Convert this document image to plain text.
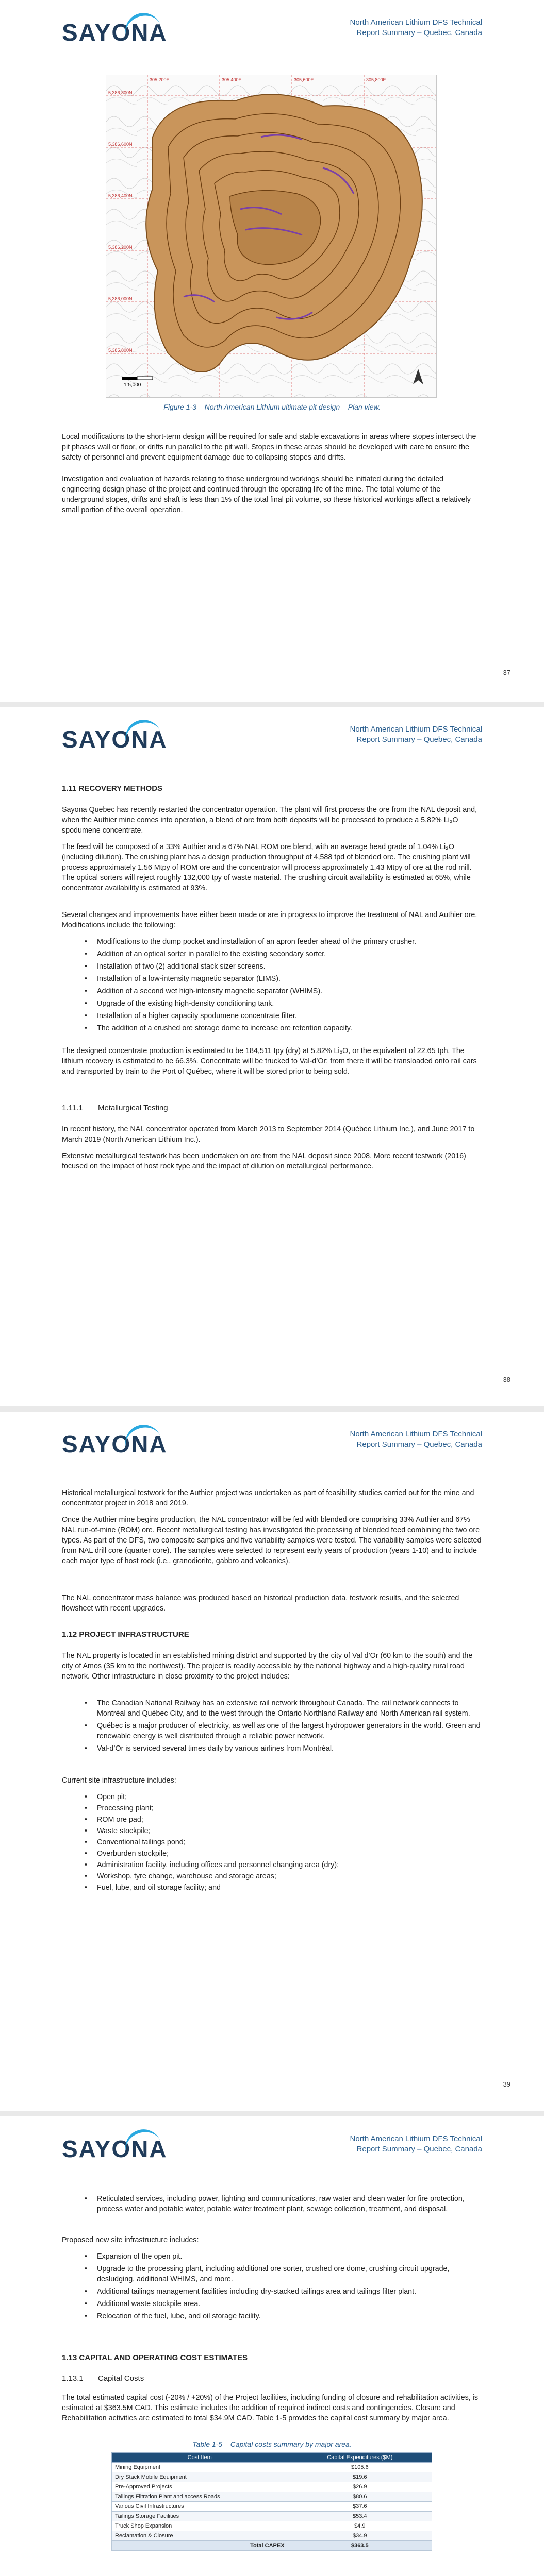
SAYONA	North American Lithium DFS Technical
Report Summary – Quebec, Canada
5,386,800N
5,386,600N
5,386,400N
5,386,200N
5,386,000N
5,385,800N
305,200E	305,400E	305,600E	305,800E
1:5,000
Figure 1-3 – North American Lithium ultimate pit design – Plan view.

Local modifications to the short-term design will be required for safe and stable excavations in areas where stopes intersect the pit phases wall or floor, or drifts run parallel to the pit wall. Stopes in these areas should be developed with care to ensure the safety of personnel and prevent equipment damage due to collapsing stopes and drifts.

Investigation and evaluation of hazards relating to those underground workings should be initiated during the detailed engineering design phase of the project and continued through the operating life of the mine. The total volume of the underground stopes, drifts and shaft is less than 1% of the total final pit volume, so these historical workings affect a relatively small portion of the overall operation.

37
SAYONA	North American Lithium DFS Technical
Report Summary – Quebec, Canada
1.11 RECOVERY METHODS

Sayona Quebec has recently restarted the concentrator operation. The plant will first process the ore from the NAL deposit and, when the Authier mine comes into operation, a blend of ore from both deposits will be processed to produce a 5.82% Li₂O spodumene concentrate.

The feed will be composed of a 33% Authier and a 67% NAL ROM ore blend, with an average head grade of 1.04% Li₂O (including dilution). The crushing plant has a design production throughput of 4,588 tpd of blended ore. The crushing plant will process approximately 1.56 Mtpy of ROM ore and the concentrator will process approximately 1.43 Mtpy of ore at the rod mill. The optical sorters will reject roughly 132,000 tpy of waste material. The crushing circuit availability is estimated at 65%, while concentrator availability is estimated at 93%.

Several changes and improvements have either been made or are in progress to improve the treatment of NAL and Authier ore. Modifications include the following:

• Modifications to the dump pocket and installation of an apron feeder ahead of the primary crusher.
• Addition of an optical sorter in parallel to the existing secondary sorter.
• Installation of two (2) additional stack sizer screens.
• Installation of a low-intensity magnetic separator (LIMS).
• Addition of a second wet high-intensity magnetic separator (WHIMS).
• Upgrade of the existing high-density conditioning tank.
• Installation of a higher capacity spodumene concentrate filter.
• The addition of a crushed ore storage dome to increase ore retention capacity.

The designed concentrate production is estimated to be 184,511 tpy (dry) at 5.82% Li₂O, or the equivalent of 22.65 tph. The lithium recovery is estimated to be 66.3%. Concentrate will be trucked to Val-d’Or; from there it will be transloaded onto rail cars and transported by train to the Port of Québec, where it will be stored prior to being sold.

1.11.1 Metallurgical Testing

In recent history, the NAL concentrator operated from March 2013 to September 2014 (Québec Lithium Inc.), and June 2017 to March 2019 (North American Lithium Inc.).

Extensive metallurgical testwork has been undertaken on ore from the NAL deposit since 2008. More recent testwork (2016) focused on the impact of host rock type and the impact of dilution on metallurgical performance.

38
SAYONA	North American Lithium DFS Technical
Report Summary – Quebec, Canada

Historical metallurgical testwork for the Authier project was undertaken as part of feasibility studies carried out for the mine and concentrator project in 2018 and 2019.

Once the Authier mine begins production, the NAL concentrator will be fed with blended ore comprising 33% Authier and 67% NAL run-of-mine (ROM) ore. Recent metallurgical testing has investigated the processing of blended feed combining the two ore types. As part of the DFS, two composite samples and five variability samples were tested. The variability samples were selected from NAL drill core (quarter core). The samples were selected to represent early years of production (years 1-10) and to include each major type of host rock (i.e., granodiorite, gabbro and volcanics).

The NAL concentrator mass balance was produced based on historical production data, testwork results, and the selected flowsheet with recent upgrades.

1.12 PROJECT INFRASTRUCTURE

The NAL property is located in an established mining district and supported by the city of Val d’Or (60 km to the south) and the city of Amos (35 km to the northwest). The project is readily accessible by the national highway and a high-quality rural road network. Other infrastructure in close proximity to the project includes:

• The Canadian National Railway has an extensive rail network throughout Canada. The rail network connects to Montréal and Québec City, and to the west through the Ontario Northland Railway and North American rail system.
• Québec is a major producer of electricity, as well as one of the largest hydropower generators in the world. Green and renewable energy is well distributed through a reliable power network.
• Val-d’Or is serviced several times daily by various airlines from Montréal.

Current site infrastructure includes:

• Open pit;
• Processing plant;
• ROM ore pad;
• Waste stockpile;
• Conventional tailings pond;
• Overburden stockpile;
• Administration facility, including offices and personnel changing area (dry);
• Workshop, tyre change, warehouse and storage areas;
• Fuel, lube, and oil storage facility; and
39
SAYONA	North American Lithium DFS Technical
Report Summary – Quebec, Canada
• Reticulated services, including power, lighting and communications, raw water and clean water for fire protection, process water and potable water, potable water treatment plant, sewage collection, treatment, and disposal.

Proposed new site infrastructure includes:

• Expansion of the open pit.
• Upgrade to the processing plant, including additional ore sorter, crushed ore dome, crushing circuit upgrade, desludging, additional WHIMS, and more.
• Additional tailings management facilities including dry-stacked tailings area and tailings filter plant.
• Additional waste stockpile area.
• Relocation of the fuel, lube, and oil storage facility.
1.13 CAPITAL AND OPERATING COST ESTIMATES
1.13.1 Capital Costs

The total estimated capital cost (-20% / +20%) of the Project facilities, including funding of closure and rehabilitation activities, is estimated at $363.5M CAD. This estimate includes the addition of required indirect costs and contingencies. Closure and Rehabilitation activities are estimated to total $34.9M CAD. Table 1-5 provides the capital cost summary by major area.

Table 1-5 – Capital costs summary by major area.
Cost Item	Capital Expenditures ($M)
Mining Equipment	$105.6
Dry Stack Mobile Equipment	$19.6
Pre-Approved Projects	$26.9
Tailings Filtration Plant and access Roads	$80.6
Various Civil Infrastructures	$37.6
Tailings Storage Facilities	$53.4
Truck Shop Expansion	$4.9
Reclamation & Closure	$34.9
Total CAPEX	$363.5
